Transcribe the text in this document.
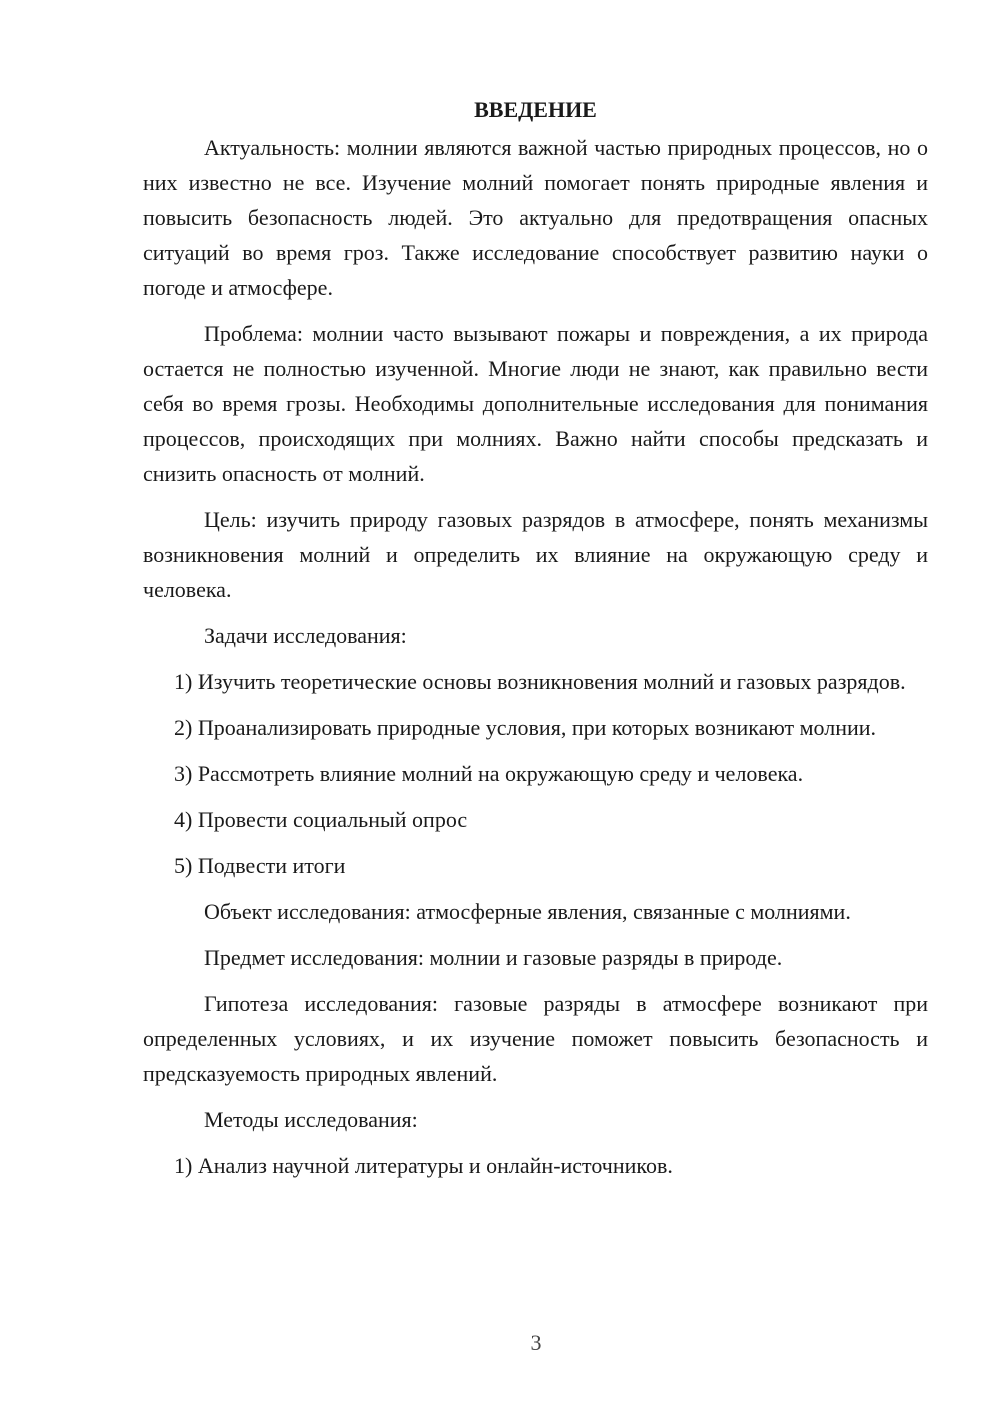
ВВЕДЕНИЕ

Актуальность: молнии являются важной частью природных процессов, но о них известно не все. Изучение молний помогает понять природные явления и повысить безопасность людей. Это актуально для предотвращения опасных ситуаций во время гроз. Также исследование способствует развитию науки о погоде и атмосфере.

Проблема: молнии часто вызывают пожары и повреждения, а их природа остается не полностью изученной. Многие люди не знают, как правильно вести себя во время грозы. Необходимы дополнительные исследования для понимания процессов, происходящих при молниях. Важно найти способы предсказать и снизить опасность от молний.

Цель: изучить природу газовых разрядов в атмосфере, понять механизмы возникновения молний и определить их влияние на окружающую среду и человека.

Задачи исследования:

1) Изучить теоретические основы возникновения молний и газовых разрядов.

2) Проанализировать природные условия, при которых возникают молнии.

3) Рассмотреть влияние молний на окружающую среду и человека.

4) Провести социальный опрос

5) Подвести итоги

Объект исследования: атмосферные явления, связанные с молниями.

Предмет исследования: молнии и газовые разряды в природе.

Гипотеза исследования: газовые разряды в атмосфере возникают при определенных условиях, и их изучение поможет повысить безопасность и предсказуемость природных явлений.

Методы исследования:

1) Анализ научной литературы и онлайн-источников.

3
